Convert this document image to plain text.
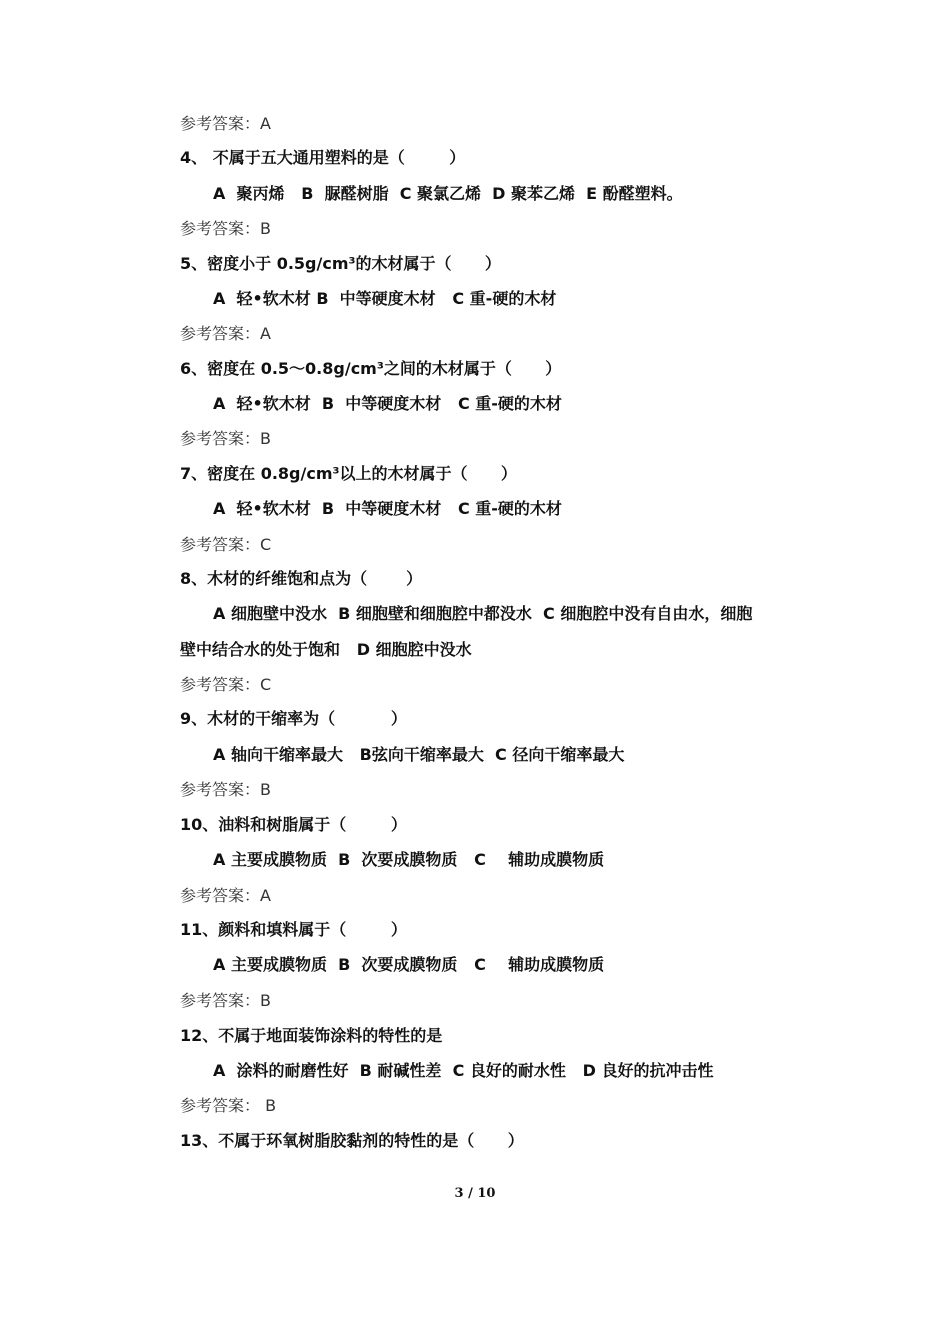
参考答案：A
4、 不属于五大通用塑料的是（        ）
A  聚丙烯   B  脲醛树脂  C 聚氯乙烯  D 聚苯乙烯  E 酚醛塑料。
参考答案：B
5、密度小于 0.5g/cm³的木材属于（      ）
A  轻•软木材 B  中等硬度木材   C 重-硬的木材
参考答案：A
6、密度在 0.5～0.8g/cm³之间的木材属于（      ）
A  轻•软木材  B  中等硬度木材   C 重-硬的木材
参考答案：B
7、密度在 0.8g/cm³以上的木材属于（      ）
A  轻•软木材  B  中等硬度木材   C 重-硬的木材
参考答案：C
8、木材的纤维饱和点为（       ）
A 细胞壁中没水  B 细胞壁和细胞腔中都没水  C 细胞腔中没有自由水，细胞
壁中结合水的处于饱和   D 细胞腔中没水
参考答案：C
9、木材的干缩率为（          ）
A 轴向干缩率最大   B弦向干缩率最大  C 径向干缩率最大
参考答案：B
10、油料和树脂属于（        ）
A 主要成膜物质  B  次要成膜物质   C    辅助成膜物质
参考答案：A
11、颜料和填料属于（        ）
A 主要成膜物质  B  次要成膜物质   C    辅助成膜物质
参考答案：B
12、不属于地面装饰涂料的特性的是
A  涂料的耐磨性好  B 耐碱性差  C 良好的耐水性   D 良好的抗冲击性
参考答案： B
13、不属于环氧树脂胶黏剂的特性的是（      ）
3 / 10
